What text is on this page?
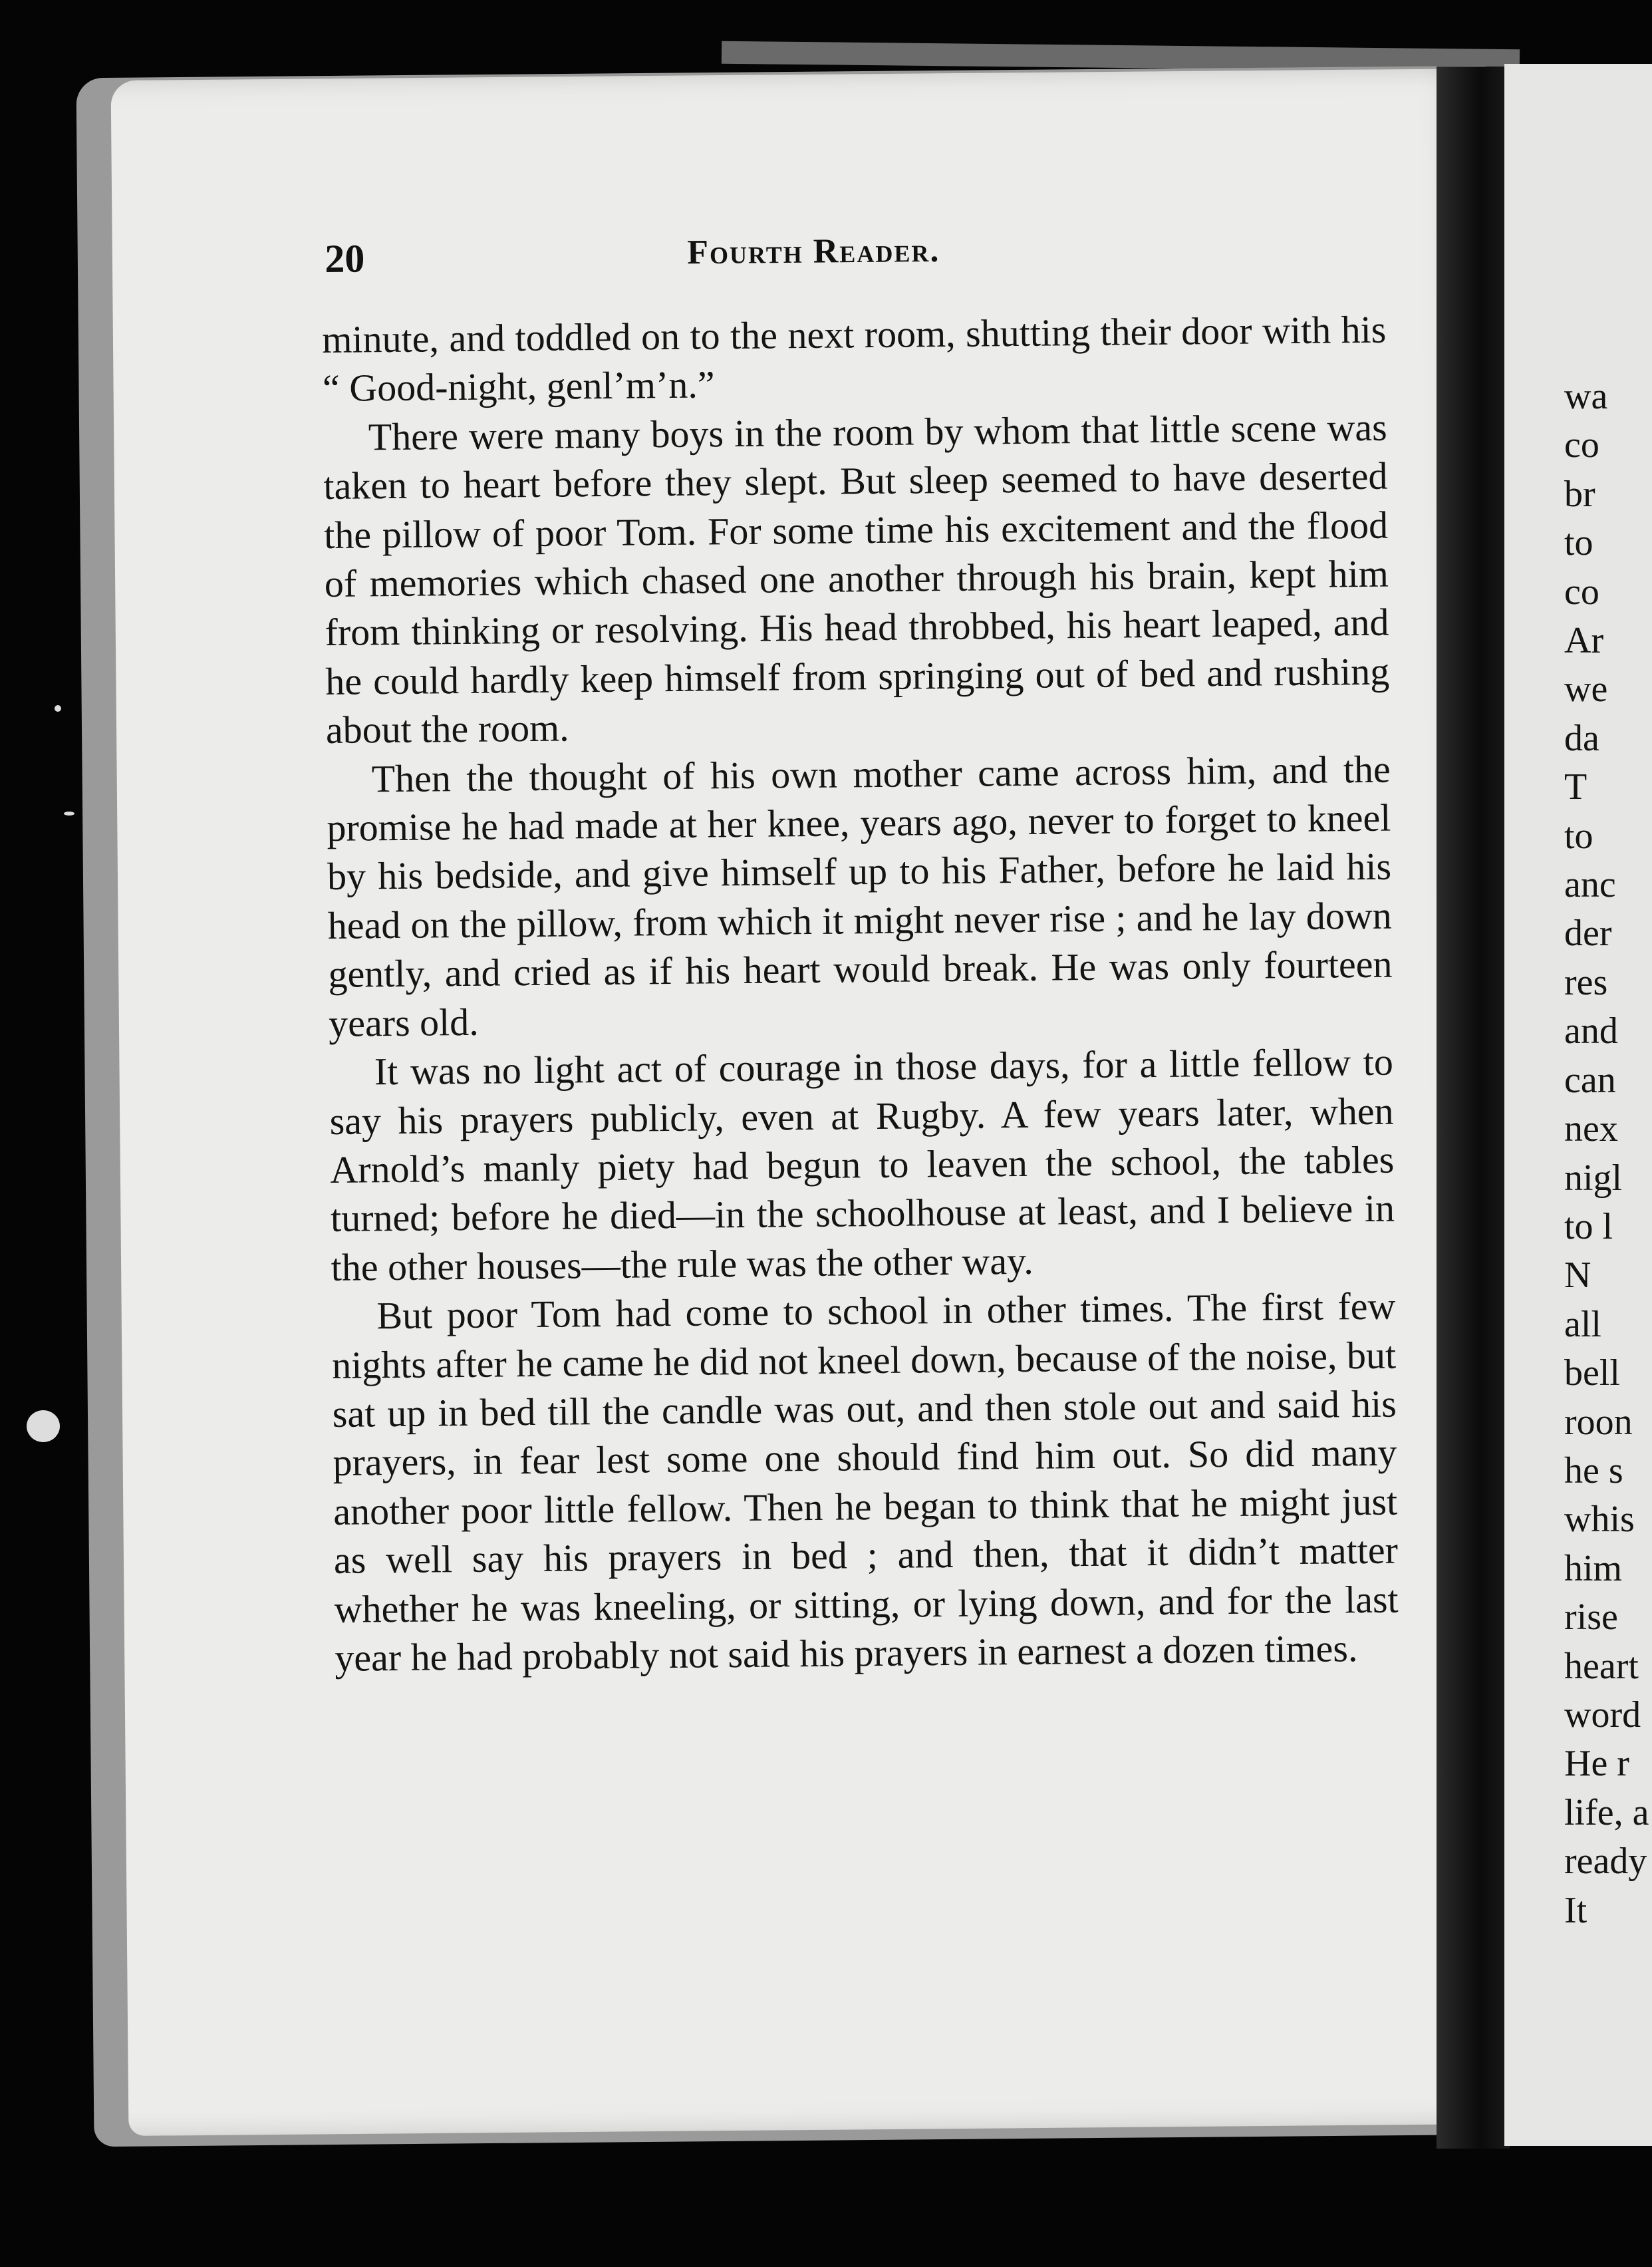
20	Fourth Reader.

minute, and toddled on to the next room, shutting their door with his “ Good-night, genl’m’n.”

There were many boys in the room by whom that little scene was taken to heart before they slept. But sleep seemed to have deserted the pillow of poor Tom. For some time his excitement and the flood of memories which chased one another through his brain, kept him from thinking or resolving. His head throbbed, his heart leaped, and he could hardly keep himself from springing out of bed and rushing about the room.

Then the thought of his own mother came across him, and the promise he had made at her knee, years ago, never to forget to kneel by his bedside, and give himself up to his Father, before he laid his head on the pillow, from which it might never rise ; and he lay down gently, and cried as if his heart would break. He was only fourteen years old.

It was no light act of courage in those days, for a little fellow to say his prayers publicly, even at Rugby. A few years later, when Arnold’s manly piety had begun to leaven the school, the tables turned; before he died—in the schoolhouse at least, and I believe in the other houses—the rule was the other way.

But poor Tom had come to school in other times. The first few nights after he came he did not kneel down, because of the noise, but sat up in bed till the candle was out, and then stole out and said his prayers, in fear lest some one should find him out. So did many another poor little fellow. Then he began to think that he might just as well say his prayers in bed ; and then, that it didn’t matter whether he was kneeling, or sitting, or lying down, and for the last year he had probably not said his prayers in earnest a dozen times.

wa
co
br
to
co
Ar
we
da
T
to
anc
der
res
and
can
nex
nigl
to l
N
all
bell
roon
he s
whis
him
rise
heart
word
He r
life, a
ready
It
